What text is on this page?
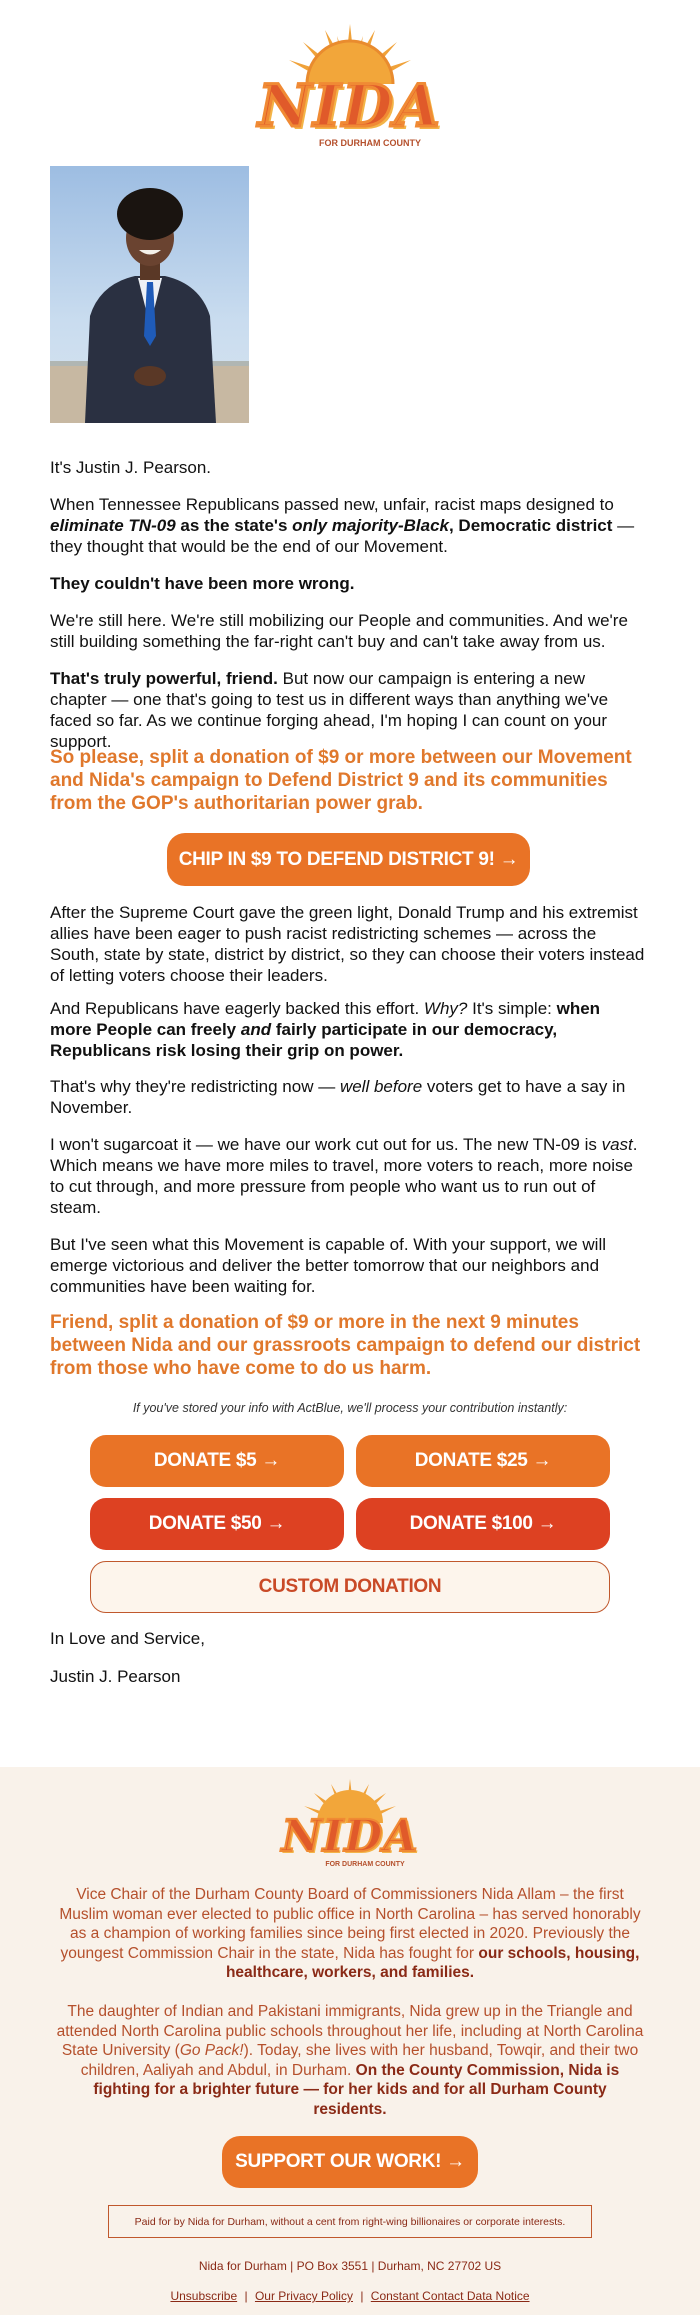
NIDA
FOR DURHAM COUNTY

It's Justin J. Pearson.

When Tennessee Republicans passed new, unfair, racist maps designed to eliminate TN-09 as the state's only majority-Black, Democratic district — they thought that would be the end of our Movement.

They couldn't have been more wrong.

We're still here. We're still mobilizing our People and communities. And we're still building something the far-right can't buy and can't take away from us.

That's truly powerful, friend. But now our campaign is entering a new chapter — one that's going to test us in different ways than anything we've faced so far. As we continue forging ahead, I'm hoping I can count on your support.

So please, split a donation of $9 or more between our Movement and Nida's campaign to Defend District 9 and its communities from the GOP's authoritarian power grab.

CHIP IN $9 TO DEFEND DISTRICT 9! →

After the Supreme Court gave the green light, Donald Trump and his extremist allies have been eager to push racist redistricting schemes — across the South, state by state, district by district, so they can choose their voters instead of letting voters choose their leaders.

And Republicans have eagerly backed this effort. Why? It's simple: when more People can freely and fairly participate in our democracy, Republicans risk losing their grip on power.

That's why they're redistricting now — well before voters get to have a say in November.

I won't sugarcoat it — we have our work cut out for us. The new TN-09 is vast. Which means we have more miles to travel, more voters to reach, more noise to cut through, and more pressure from people who want us to run out of steam.

But I've seen what this Movement is capable of. With your support, we will emerge victorious and deliver the better tomorrow that our neighbors and communities have been waiting for.

Friend, split a donation of $9 or more in the next 9 minutes between Nida and our grassroots campaign to defend our district from those who have come to do us harm.

If you've stored your info with ActBlue, we'll process your contribution instantly:
DONATE $5 →	DONATE $25 →
DONATE $50 →	DONATE $100 →
CUSTOM DONATION

In Love and Service,

Justin J. Pearson

NIDA
FOR DURHAM COUNTY

Vice Chair of the Durham County Board of Commissioners Nida Allam – the first Muslim woman ever elected to public office in North Carolina – has served honorably as a champion of working families since being first elected in 2020. Previously the youngest Commission Chair in the state, Nida has fought for our schools, housing, healthcare, workers, and families.

The daughter of Indian and Pakistani immigrants, Nida grew up in the Triangle and attended North Carolina public schools throughout her life, including at North Carolina State University (Go Pack!). Today, she lives with her husband, Towqir, and their two children, Aaliyah and Abdul, in Durham. On the County Commission, Nida is fighting for a brighter future — for her kids and for all Durham County residents.

SUPPORT OUR WORK! →
Paid for by Nida for Durham, without a cent from right-wing billionaires or corporate interests.
Nida for Durham | PO Box 3551 | Durham, NC 27702 US
Unsubscribe | Our Privacy Policy | Constant Contact Data Notice
